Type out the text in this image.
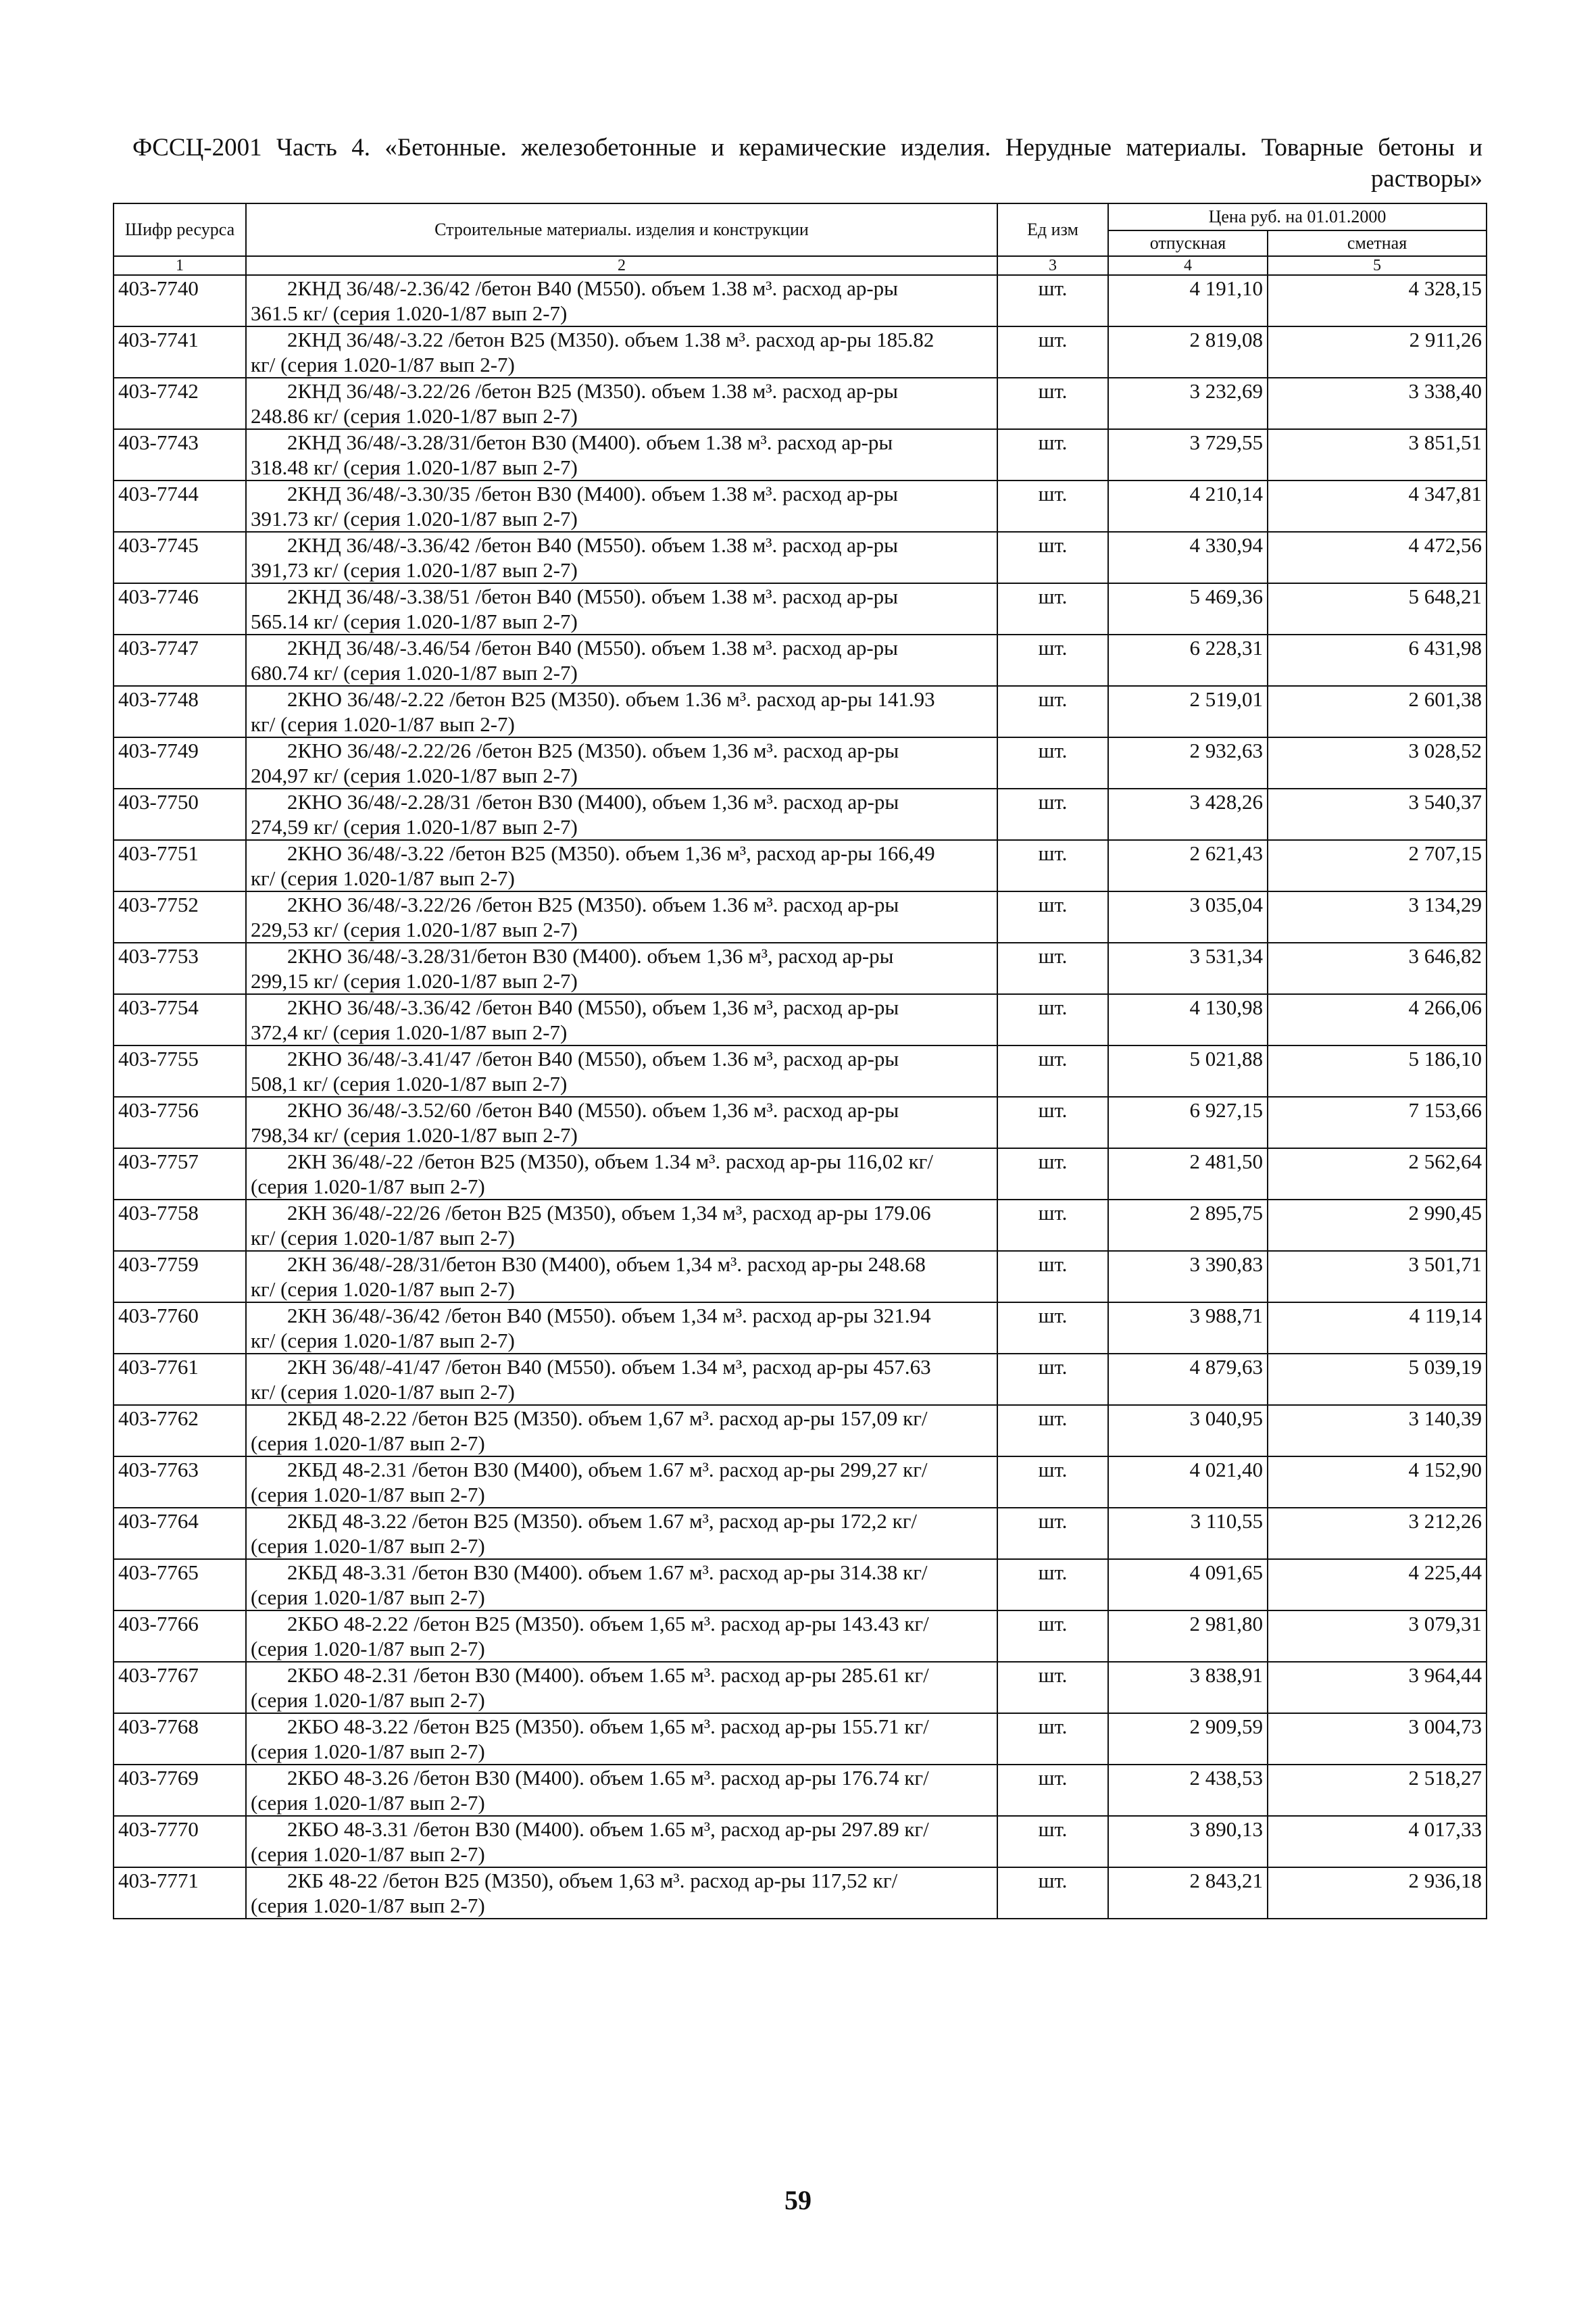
ФССЦ-2001 Часть 4. «Бетонные. железобетонные и керамические изделия. Нерудные материалы. Товарные бетоны и растворы»
Шифр ресурса	Строительные материалы. изделия и конструкции	Ед изм	Цена руб. на 01.01.2000	
			отпускная	сметная
1	2	3	4	5
403-7740	2КНД 36/48/-2.36/42 /бетон В40 (М550). объем 1.38 м³. расход ар-ры
361.5 кг/ (серия 1.020-1/87 вып 2-7)	шт.	4 191,10	4 328,15
403-7741	2КНД 36/48/-3.22 /бетон В25 (М350). объем 1.38 м³. расход ар-ры 185.82
кг/ (серия 1.020-1/87 вып 2-7)	шт.	2 819,08	2 911,26
403-7742	2КНД 36/48/-3.22/26 /бетон В25 (М350). объем 1.38 м³. расход ар-ры
248.86 кг/ (серия 1.020-1/87 вып 2-7)	шт.	3 232,69	3 338,40
403-7743	2КНД 36/48/-3.28/31/бетон В30 (М400). объем 1.38 м³. расход ар-ры
318.48 кг/ (серия 1.020-1/87 вып 2-7)	шт.	3 729,55	3 851,51
403-7744	2КНД 36/48/-3.30/35 /бетон В30 (М400). объем 1.38 м³. расход ар-ры
391.73 кг/ (серия 1.020-1/87 вып 2-7)	шт.	4 210,14	4 347,81
403-7745	2КНД 36/48/-3.36/42 /бетон В40 (М550). объем 1.38 м³. расход ар-ры
391,73 кг/ (серия 1.020-1/87 вып 2-7)	шт.	4 330,94	4 472,56
403-7746	2КНД 36/48/-3.38/51 /бетон В40 (М550). объем 1.38 м³. расход ар-ры
565.14 кг/ (серия 1.020-1/87 вып 2-7)	шт.	5 469,36	5 648,21
403-7747	2КНД 36/48/-3.46/54 /бетон В40 (М550). объем 1.38 м³. расход ар-ры
680.74 кг/ (серия 1.020-1/87 вып 2-7)	шт.	6 228,31	6 431,98
403-7748	2КНО 36/48/-2.22 /бетон В25 (М350). объем 1.36 м³. расход ар-ры 141.93
кг/ (серия 1.020-1/87 вып 2-7)	шт.	2 519,01	2 601,38
403-7749	2КНО 36/48/-2.22/26 /бетон В25 (М350). объем 1,36 м³. расход ар-ры
204,97 кг/ (серия 1.020-1/87 вып 2-7)	шт.	2 932,63	3 028,52
403-7750	2КНО 36/48/-2.28/31 /бетон В30 (М400), объем 1,36 м³. расход ар-ры
274,59 кг/ (серия 1.020-1/87 вып 2-7)	шт.	3 428,26	3 540,37
403-7751	2КНО 36/48/-3.22 /бетон В25 (М350). объем 1,36 м³, расход ар-ры 166,49
кг/ (серия 1.020-1/87 вып 2-7)	шт.	2 621,43	2 707,15
403-7752	2КНО 36/48/-3.22/26 /бетон В25 (М350). объем 1.36 м³. расход ар-ры
229,53 кг/ (серия 1.020-1/87 вып 2-7)	шт.	3 035,04	3 134,29
403-7753	2КНО 36/48/-3.28/31/бетон В30 (М400). объем 1,36 м³, расход ар-ры
299,15 кг/ (серия 1.020-1/87 вып 2-7)	шт.	3 531,34	3 646,82
403-7754	2КНО 36/48/-3.36/42 /бетон В40 (М550), объем 1,36 м³, расход ар-ры
372,4 кг/ (серия 1.020-1/87 вып 2-7)	шт.	4 130,98	4 266,06
403-7755	2КНО 36/48/-3.41/47 /бетон В40 (М550), объем 1.36 м³, расход ар-ры
508,1 кг/ (серия 1.020-1/87 вып 2-7)	шт.	5 021,88	5 186,10
403-7756	2КНО 36/48/-3.52/60 /бетон В40 (М550). объем 1,36 м³. расход ар-ры
798,34 кг/ (серия 1.020-1/87 вып 2-7)	шт.	6 927,15	7 153,66
403-7757	2КН 36/48/-22 /бетон В25 (М350), объем 1.34 м³. расход ар-ры 116,02 кг/
(серия 1.020-1/87 вып 2-7)	шт.	2 481,50	2 562,64
403-7758	2КН 36/48/-22/26 /бетон В25 (М350), объем 1,34 м³, расход ар-ры 179.06
кг/ (серия 1.020-1/87 вып 2-7)	шт.	2 895,75	2 990,45
403-7759	2КН 36/48/-28/31/бетон В30 (М400), объем 1,34 м³. расход ар-ры 248.68
кг/ (серия 1.020-1/87 вып 2-7)	шт.	3 390,83	3 501,71
403-7760	2КН 36/48/-36/42 /бетон В40 (М550). объем 1,34 м³. расход ар-ры 321.94
кг/ (серия 1.020-1/87 вып 2-7)	шт.	3 988,71	4 119,14
403-7761	2КН 36/48/-41/47 /бетон В40 (М550). объем 1.34 м³, расход ар-ры 457.63
кг/ (серия 1.020-1/87 вып 2-7)	шт.	4 879,63	5 039,19
403-7762	2КБД 48-2.22 /бетон В25 (М350). объем 1,67 м³. расход ар-ры 157,09 кг/
(серия 1.020-1/87 вып 2-7)	шт.	3 040,95	3 140,39
403-7763	2КБД 48-2.31 /бетон В30 (М400), объем 1.67 м³. расход ар-ры 299,27 кг/
(серия 1.020-1/87 вып 2-7)	шт.	4 021,40	4 152,90
403-7764	2КБД 48-3.22 /бетон В25 (М350). объем 1.67 м³, расход ар-ры 172,2 кг/
(серия 1.020-1/87 вып 2-7)	шт.	3 110,55	3 212,26
403-7765	2КБД 48-3.31 /бетон В30 (М400). объем 1.67 м³. расход ар-ры 314.38 кг/
(серия 1.020-1/87 вып 2-7)	шт.	4 091,65	4 225,44
403-7766	2КБО 48-2.22 /бетон В25 (М350). объем 1,65 м³. расход ар-ры 143.43 кг/
(серия 1.020-1/87 вып 2-7)	шт.	2 981,80	3 079,31
403-7767	2КБО 48-2.31 /бетон В30 (М400). объем 1.65 м³. расход ар-ры 285.61 кг/
(серия 1.020-1/87 вып 2-7)	шт.	3 838,91	3 964,44
403-7768	2КБО 48-3.22 /бетон В25 (М350). объем 1,65 м³. расход ар-ры 155.71 кг/
(серия 1.020-1/87 вып 2-7)	шт.	2 909,59	3 004,73
403-7769	2КБО 48-3.26 /бетон В30 (М400). объем 1.65 м³. расход ар-ры 176.74 кг/
(серия 1.020-1/87 вып 2-7)	шт.	2 438,53	2 518,27
403-7770	2КБО 48-3.31 /бетон В30 (М400). объем 1.65 м³, расход ар-ры 297.89 кг/
(серия 1.020-1/87 вып 2-7)	шт.	3 890,13	4 017,33
403-7771	2КБ 48-22 /бетон В25 (М350), объем 1,63 м³. расход ар-ры 117,52 кг/
(серия 1.020-1/87 вып 2-7)	шт.	2 843,21	2 936,18
59
